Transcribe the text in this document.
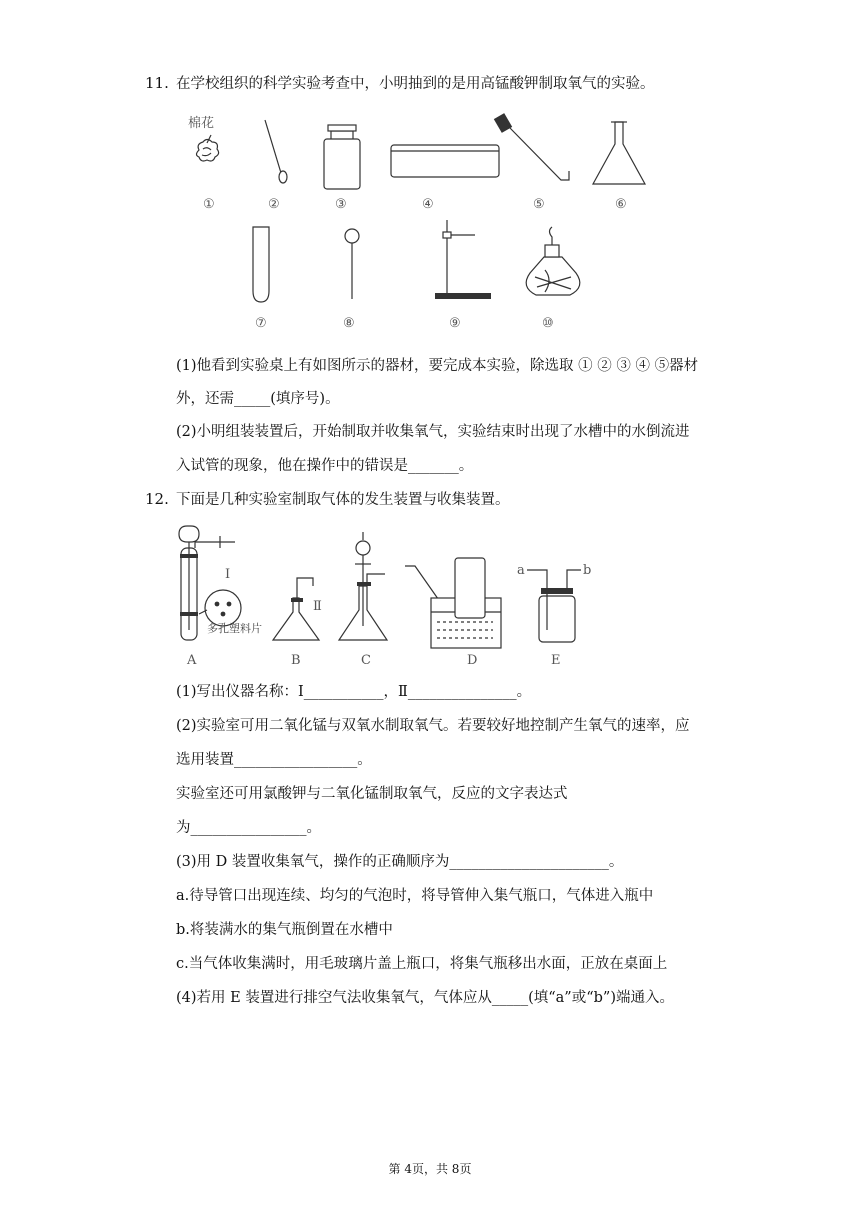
11. 在学校组织的科学实验考查中，小明抽到的是用高锰酸钾制取氧气的实验。
棉花
①	②	③	④	⑤	⑥
⑦	⑧	⑨	⑩
(1)他看到实验桌上有如图所示的器材，要完成本实验，除选取 ① ② ③ ④ ⑤器材
外，还需_____(填序号)。
(2)小明组装装置后，开始制取并收集氧气，实验结束时出现了水槽中的水倒流进
入试管的现象，他在操作中的错误是_______。
12. 下面是几种实验室制取气体的发生装置与收集装置。
Ⅰ
多孔塑料片
A
Ⅱ
B	C	D
a	b
E
(1)写出仪器名称：Ⅰ___________，Ⅱ_______________。
(2)实验室可用二氧化锰与双氧水制取氧气。若要较好地控制产生氧气的速率，应
选用装置_________________。
实验室还可用氯酸钾与二氧化锰制取氧气，反应的文字表达式
为________________。
(3)用 D 装置收集氧气，操作的正确顺序为______________________。
a.待导管口出现连续、均匀的气泡时，将导管伸入集气瓶口，气体进入瓶中
b.将装满水的集气瓶倒置在水槽中
c.当气体收集满时，用毛玻璃片盖上瓶口，将集气瓶移出水面，正放在桌面上
(4)若用 E 装置进行排空气法收集氧气，气体应从_____(填“a”或“b”)端通入。
第 4页，共 8页
